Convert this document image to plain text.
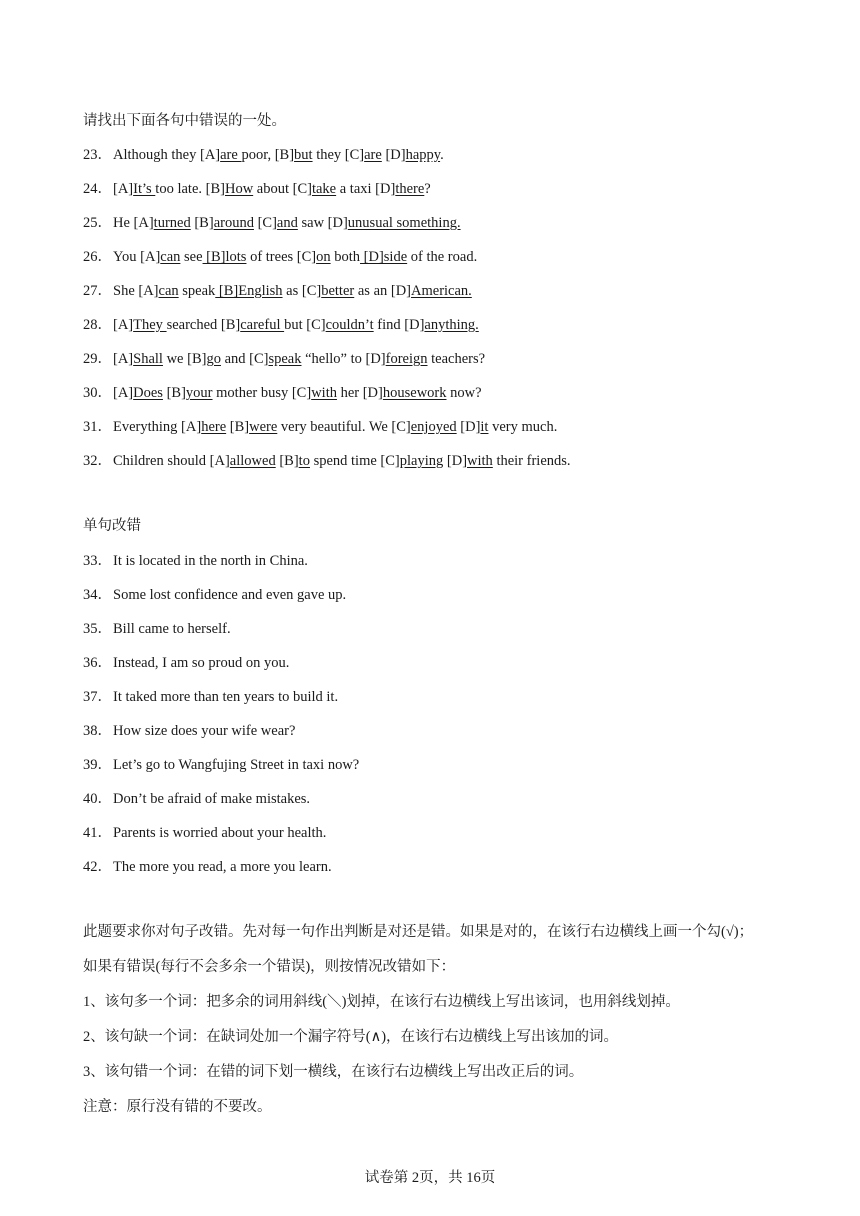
请找出下面各句中错误的一处。
23．Although they [A]are poor, [B]but they [C]are [D]happy.
24．[A]It’s too late. [B]How about [C]take a taxi [D]there?
25．He [A]turned [B]around [C]and saw [D]unusual something.
26．You [A]can see [B]lots of trees [C]on both [D]side of the road.
27．She [A]can speak [B]English as [C]better as an [D]American.
28．[A]They searched [B]careful but [C]couldn’t find [D]anything.
29．[A]Shall we [B]go and [C]speak “hello” to [D]foreign teachers?
30．[A]Does [B]your mother busy [C]with her [D]housework now?
31．Everything [A]here [B]were very beautiful. We [C]enjoyed [D]it very much.
32．Children should [A]allowed [B]to spend time [C]playing [D]with their friends.
单句改错
33．It is located in the north in China.
34．Some lost confidence and even gave up.
35．Bill came to herself.
36．Instead, I am so proud on you.
37．It taked more than ten years to build it.
38．How size does your wife wear?
39．Let’s go to Wangfujing Street in taxi now?
40．Don’t be afraid of make mistakes.
41．Parents is worried about your health.
42．The more you read, a more you learn.
此题要求你对句子改错。先对每一句作出判断是对还是错。如果是对的，在该行右边横线上画一个勾(√)；
如果有错误(每行不会多余一个错误)，则按情况改错如下：
1、该句多一个词：把多余的词用斜线(＼)划掉，在该行右边横线上写出该词，也用斜线划掉。
2、该句缺一个词：在缺词处加一个漏字符号(∧)，在该行右边横线上写出该加的词。
3、该句错一个词：在错的词下划一横线，在该行右边横线上写出改正后的词。
注意：原行没有错的不要改。
试卷第 2页，共 16页
